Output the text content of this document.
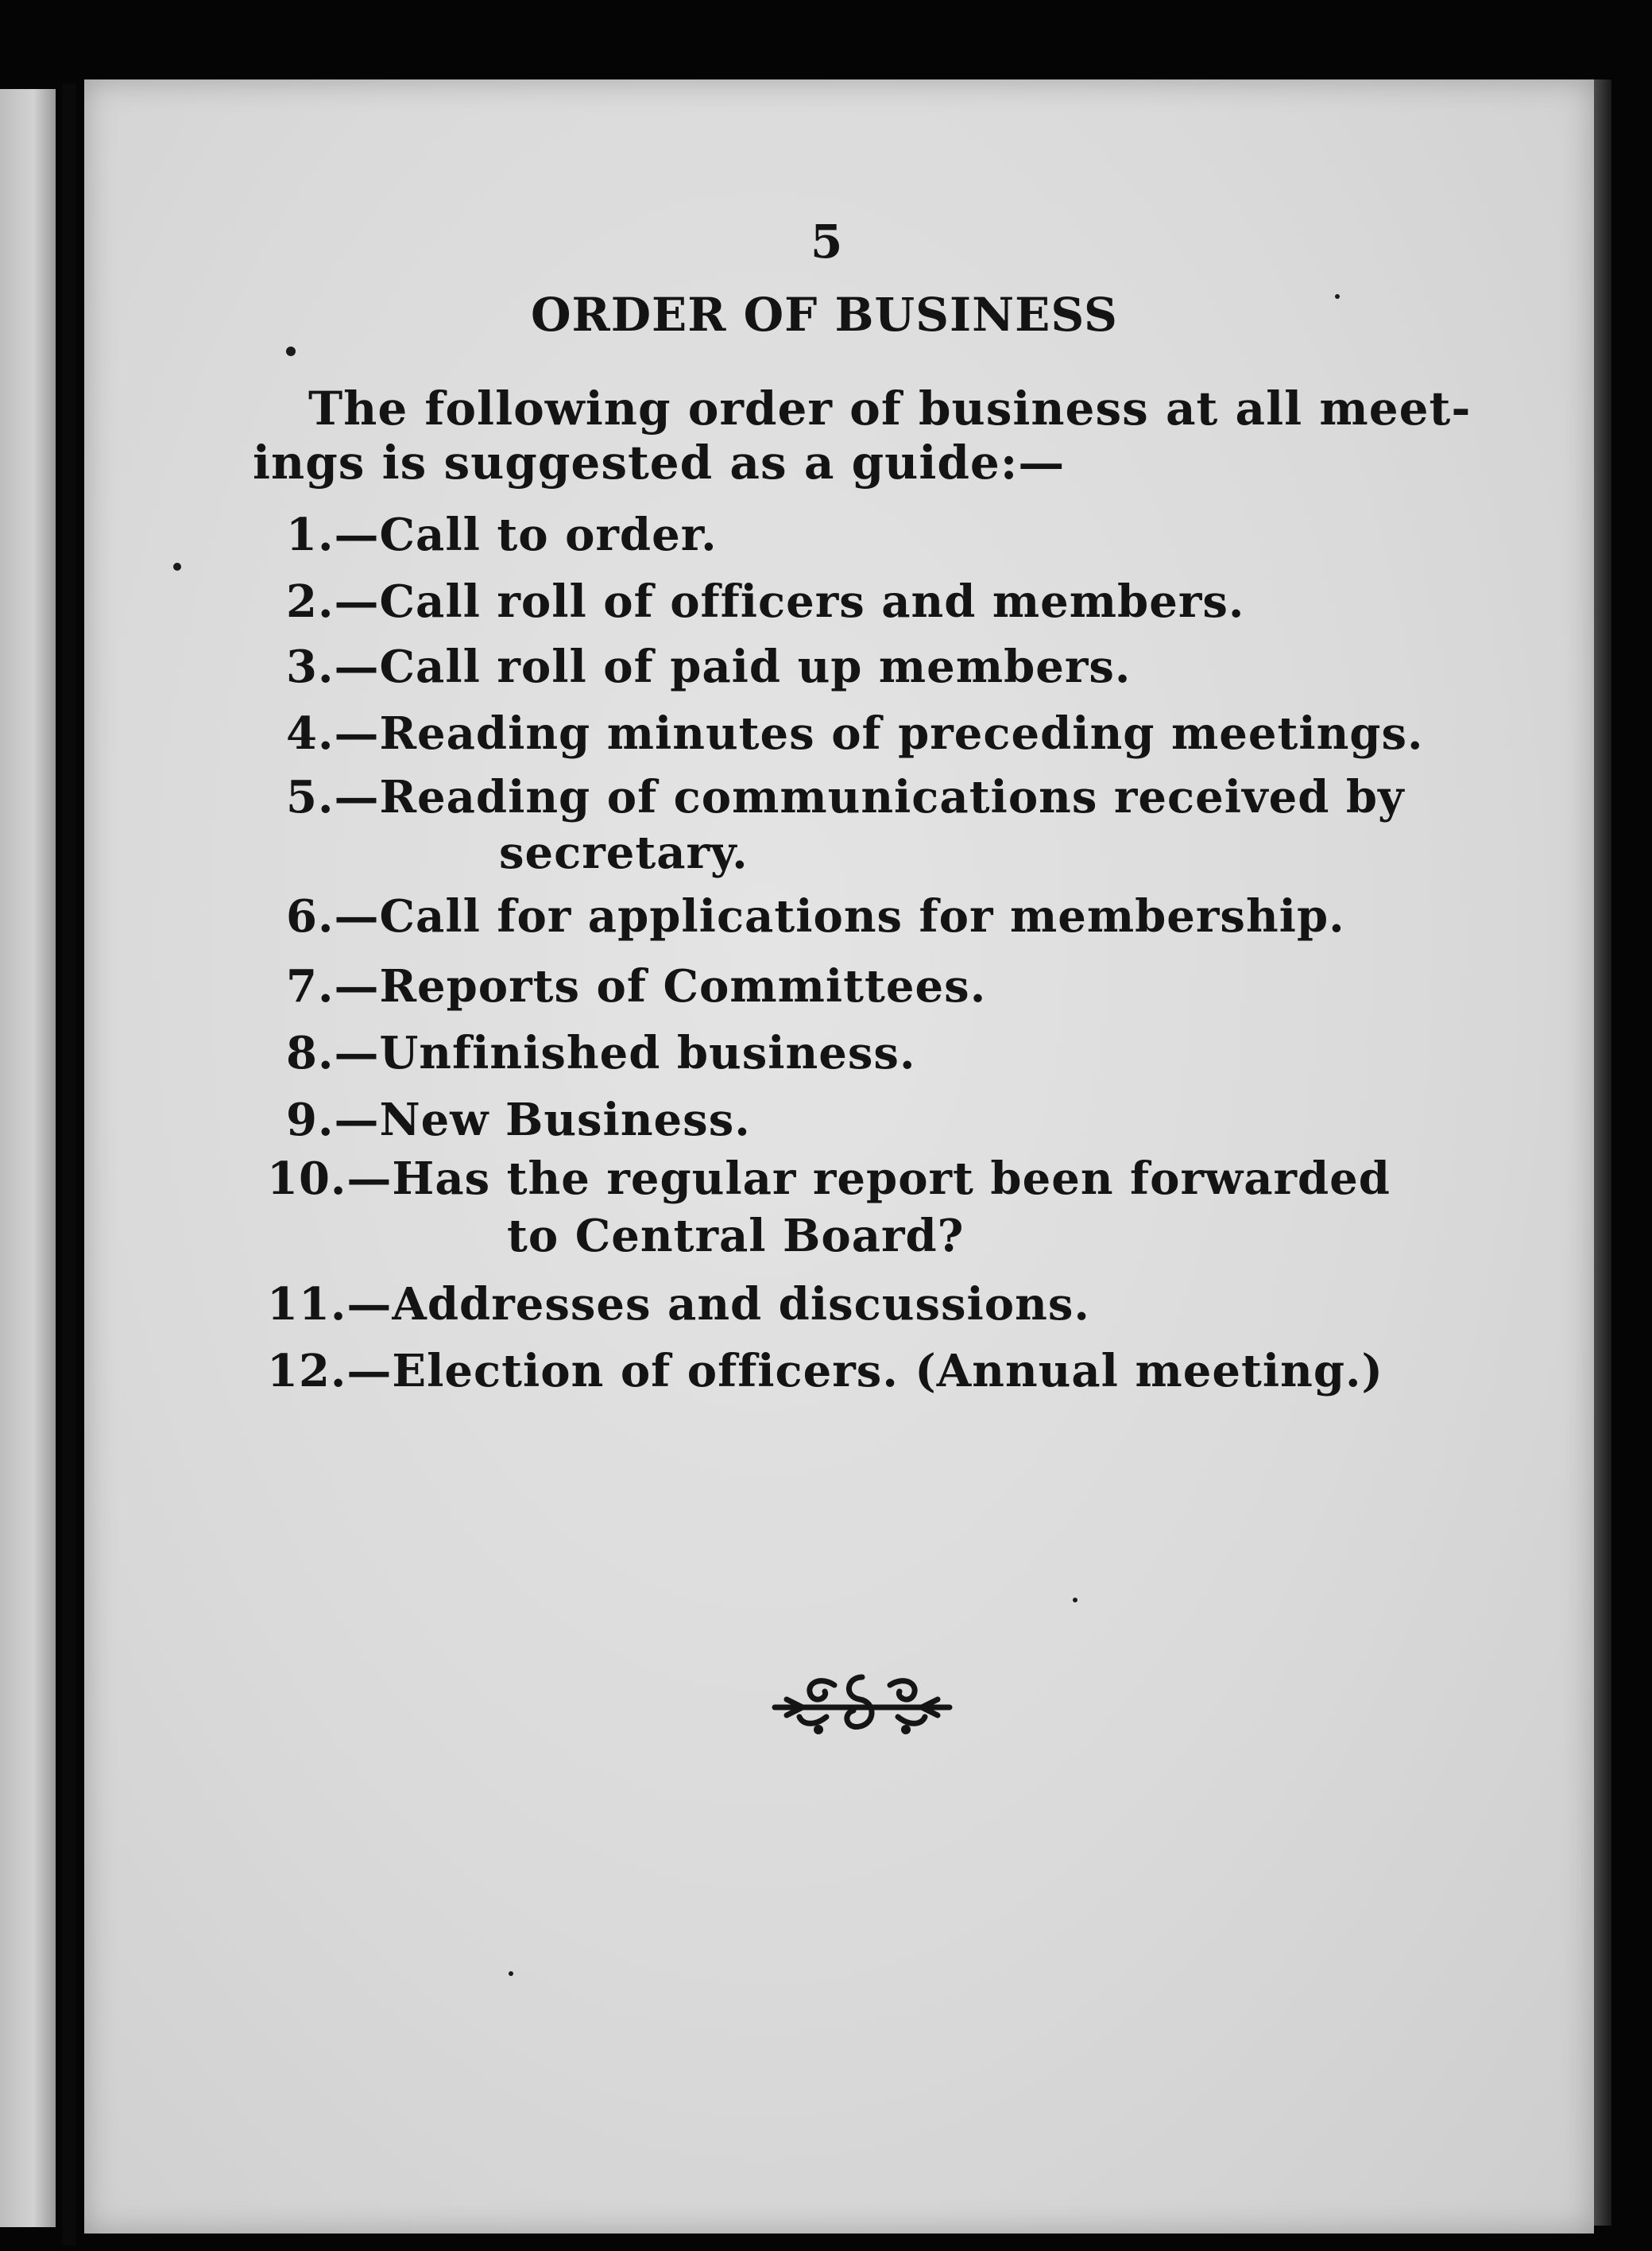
5
ORDER OF BUSINESS
The following order of business at all meet-
ings is suggested as a guide:—
1.—Call to order.
2.—Call roll of officers and members.
3.—Call roll of paid up members.
4.—Reading minutes of preceding meetings.
5.—Reading of communications received by
secretary.
6.—Call for applications for membership.
7.—Reports of Committees.
8.—Unfinished business.
9.—New Business.
10.—Has the regular report been forwarded
to Central Board?
11.—Addresses and discussions.
12.—Election of officers. (Annual meeting.)
